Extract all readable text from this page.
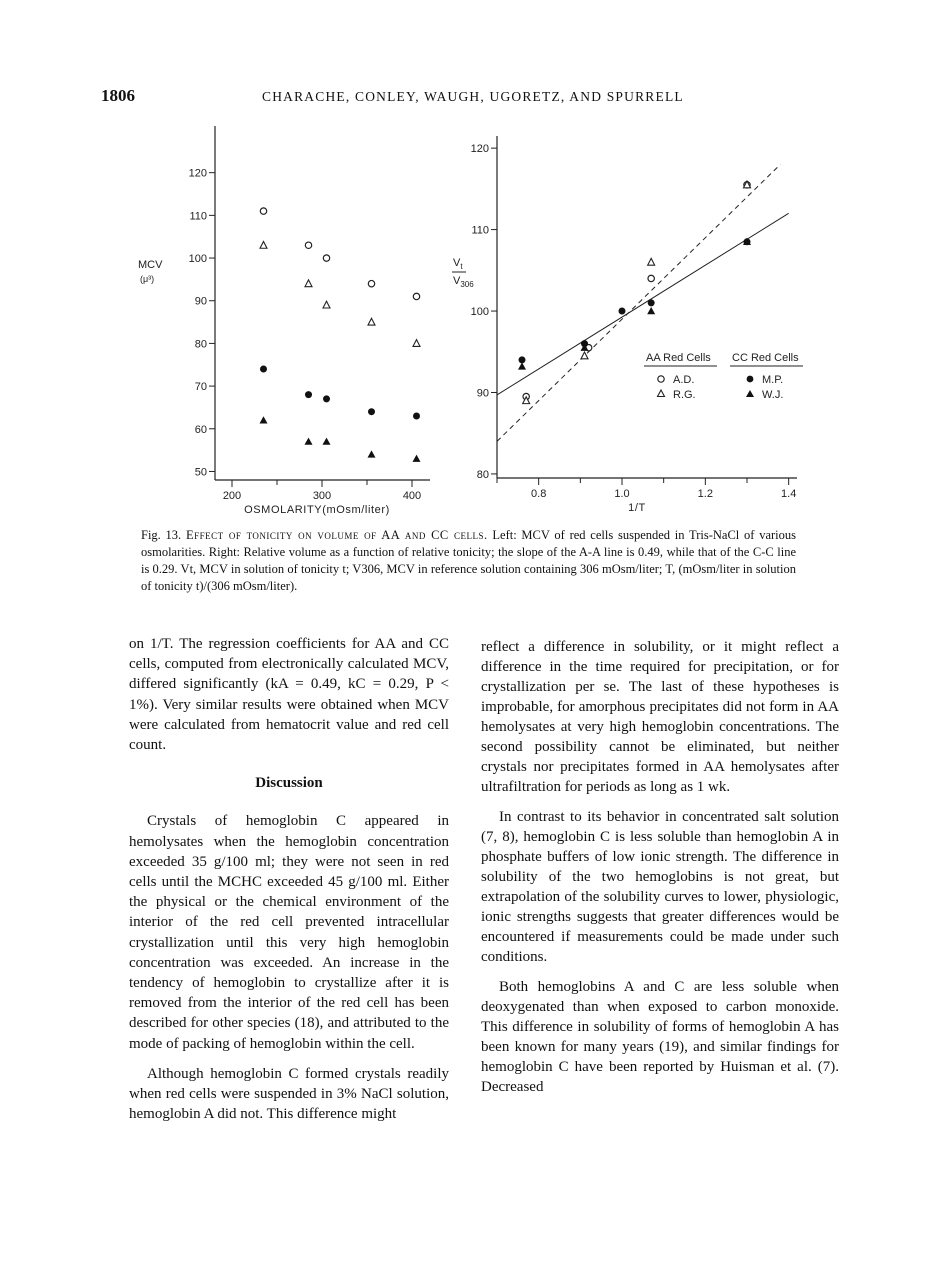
1806	CHARACHE, CONLEY, WAUGH, UGORETZ, AND SPURRELL
50
60
70
80
90
100
110
120
200	300	400
OSMOLARITY(mOsm/liter)
80
90
100
110
120
0.8	1.0	1.2	1.4
1/T
MCV
(μ³)
$V_t$
$V_{306}$
AA Red Cells CC Red Cells
A.D.
R.G.
M.P.
W.J.
Fig. 13. Effect of tonicity on volume of AA and CC cells. Left: MCV of red cells suspended in Tris-NaCl of various osmolarities. Right: Relative volume as a function of relative tonicity; the slope of the A-A line is 0.49, while that of the C-C line is 0.29. Vt, MCV in solution of tonicity t; V306, MCV in reference solution containing 306 mOsm/liter; T, (mOsm/liter in solution of tonicity t)/(306 mOsm/liter).

on 1/T. The regression coefficients for AA and CC cells, computed from electronically calculated MCV, differed significantly (kA = 0.49, kC = 0.29, P < 1%). Very similar results were obtained when MCV were calculated from hematocrit value and red cell count.

Discussion

Crystals of hemoglobin C appeared in hemolysates when the hemoglobin concentration exceeded 35 g/100 ml; they were not seen in red cells until the MCHC exceeded 45 g/100 ml. Either the physical or the chemical environment of the interior of the red cell prevented intracellular crystallization until this very high hemoglobin concentration was exceeded. An increase in the tendency of hemoglobin to crystallize after it is removed from the interior of the red cell has been described for other species (18), and attributed to the mode of packing of hemoglobin within the cell.

Although hemoglobin C formed crystals readily when red cells were suspended in 3% NaCl solution, hemoglobin A did not. This difference might

reflect a difference in solubility, or it might reflect a difference in the time required for precipitation, or for crystallization per se. The last of these hypotheses is improbable, for amorphous precipitates did not form in AA hemolysates at very high hemoglobin concentrations. The second possibility cannot be eliminated, but neither crystals nor precipitates formed in AA hemolysates after ultrafiltration for periods as long as 1 wk.

In contrast to its behavior in concentrated salt solution (7, 8), hemoglobin C is less soluble than hemoglobin A in phosphate buffers of low ionic strength. The difference in solubility of the two hemoglobins is not great, but extrapolation of the solubility curves to lower, physiologic, ionic strengths suggests that greater differences would be encountered if measurements could be made under such conditions.

Both hemoglobins A and C are less soluble when deoxygenated than when exposed to carbon monoxide. This difference in solubility of forms of hemoglobin A has been known for many years (19), and similar findings for hemoglobin C have been reported by Huisman et al. (7). Decreased
